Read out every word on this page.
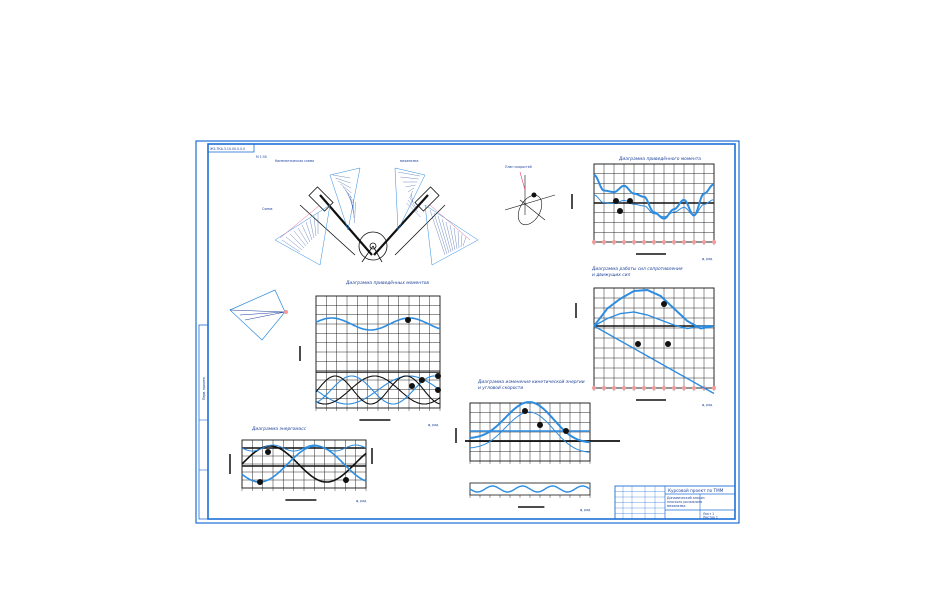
ЖЗ.ТКА.3.10.00.0.0.0
М 1:50
Перв. примен.
Кинематическая схема	механизма
Схема
План скоростей
Диаграмма приведённого момента
φ, рад
Диаграмма приведённых моментов
φ, рад
Диаграмма работы сил сопротивления
и движущих сил
φ, рад
Диаграмма энергомасс
φ, рад
Диаграмма изменения кинетической энергии
и угловой скорости
φ, рад
Курсовой проект по ТММ
Динамический анализ
плоского рычажного
механизма
Лист 1
Листов 1
